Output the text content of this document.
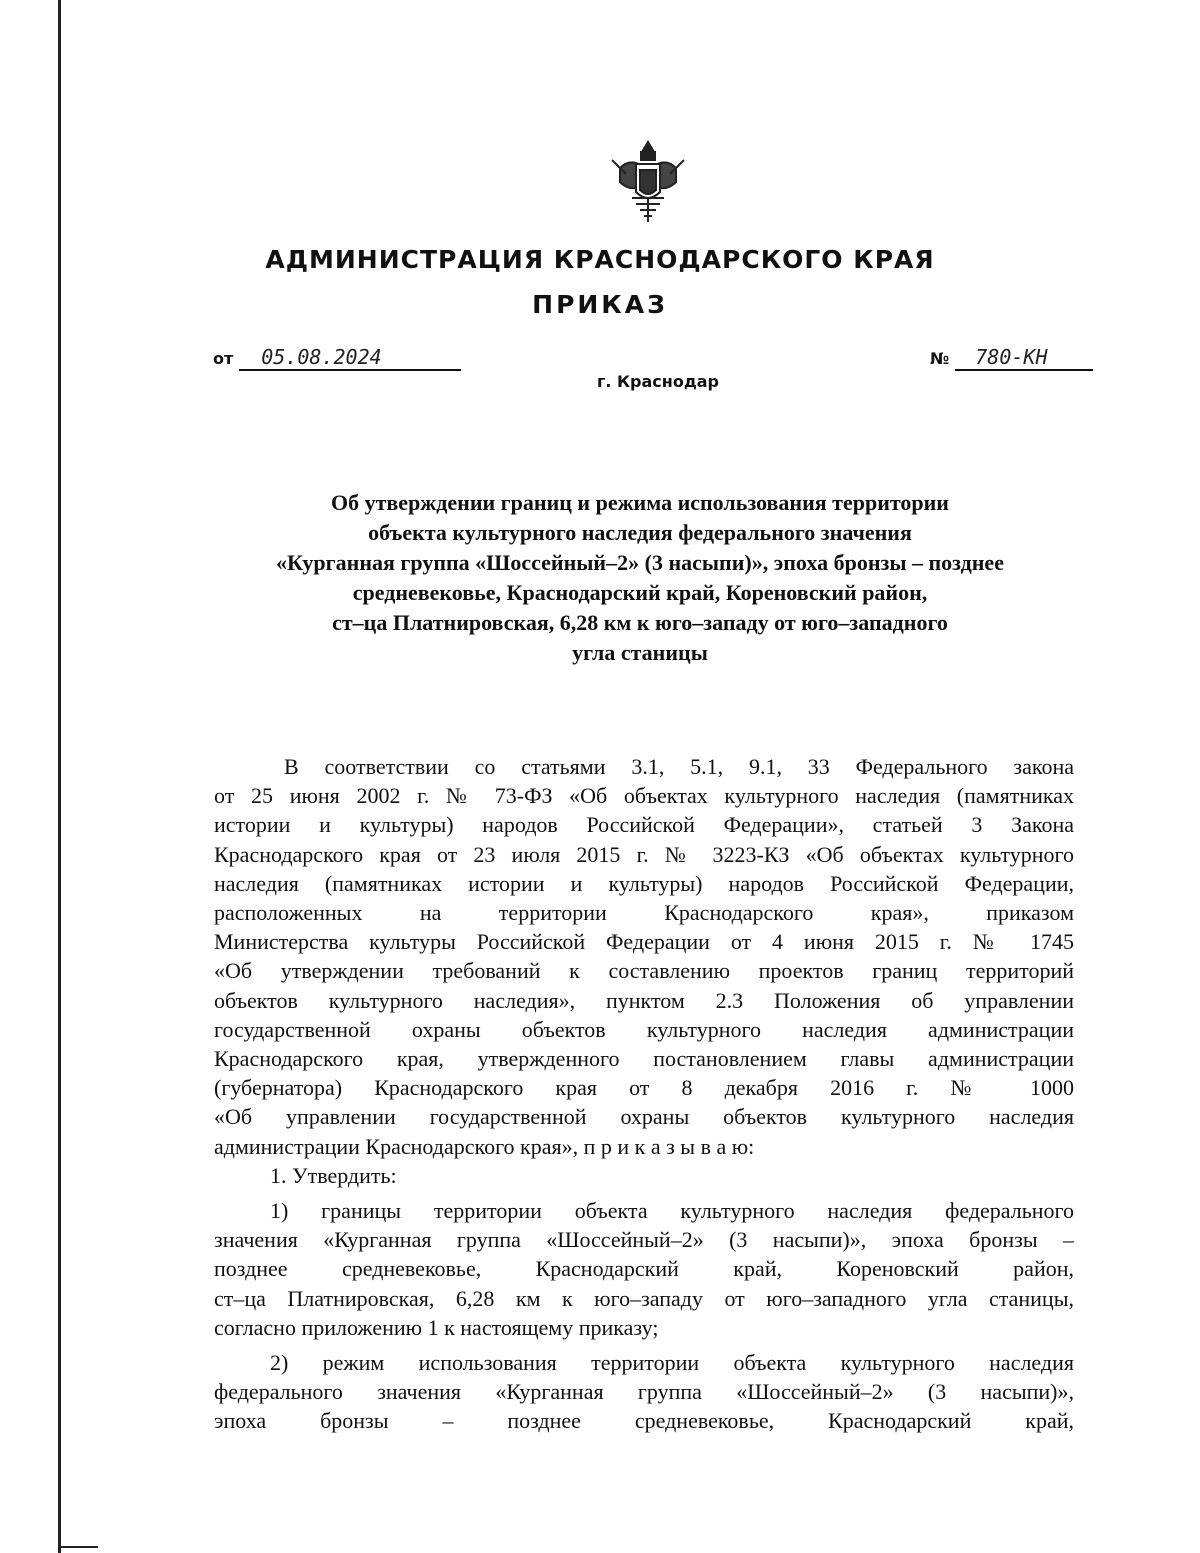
АДМИНИСТРАЦИЯ КРАСНОДАРСКОГО КРАЯ
ПРИКАЗ
от 05.08.2024	№ 780-КН
г. Краснодар
Об утверждении границ и режима использования территории
объекта культурного наследия федерального значения
«Курганная группа «Шоссейный–2» (3 насыпи)», эпоха бронзы – позднее
средневековье, Краснодарский край, Кореновский район,
ст–ца Платнировская, 6,28 км к юго–западу от юго–западного
угла станицы
В соответствии со статьями 3.1, 5.1, 9.1, 33 Федерального закона
от 25 июня 2002 г. № 73-ФЗ «Об объектах культурного наследия (памятниках
истории и культуры) народов Российской Федерации», статьей 3 Закона
Краснодарского края от 23 июля 2015 г. № 3223-КЗ «Об объектах культурного
наследия (памятниках истории и культуры) народов Российской Федерации,
расположенных на территории Краснодарского края», приказом
Министерства культуры Российской Федерации от 4 июня 2015 г. № 1745
«Об утверждении требований к составлению проектов границ территорий
объектов культурного наследия», пунктом 2.3 Положения об управлении
государственной охраны объектов культурного наследия администрации
Краснодарского края, утвержденного постановлением главы администрации
(губернатора) Краснодарского края от 8 декабря 2016 г. № 1000
«Об управлении государственной охраны объектов культурного наследия
администрации Краснодарского края», п р и к а з ы в а ю:
1. Утвердить:
1) границы территории объекта культурного наследия федерального
значения «Курганная группа «Шоссейный–2» (3 насыпи)», эпоха бронзы –
позднее средневековье, Краснодарский край, Кореновский район,
ст–ца Платнировская, 6,28 км к юго–западу от юго–западного угла станицы,
согласно приложению 1 к настоящему приказу;
2) режим использования территории объекта культурного наследия
федерального значения «Курганная группа «Шоссейный–2» (3 насыпи)»,
эпоха бронзы – позднее средневековье, Краснодарский край,
